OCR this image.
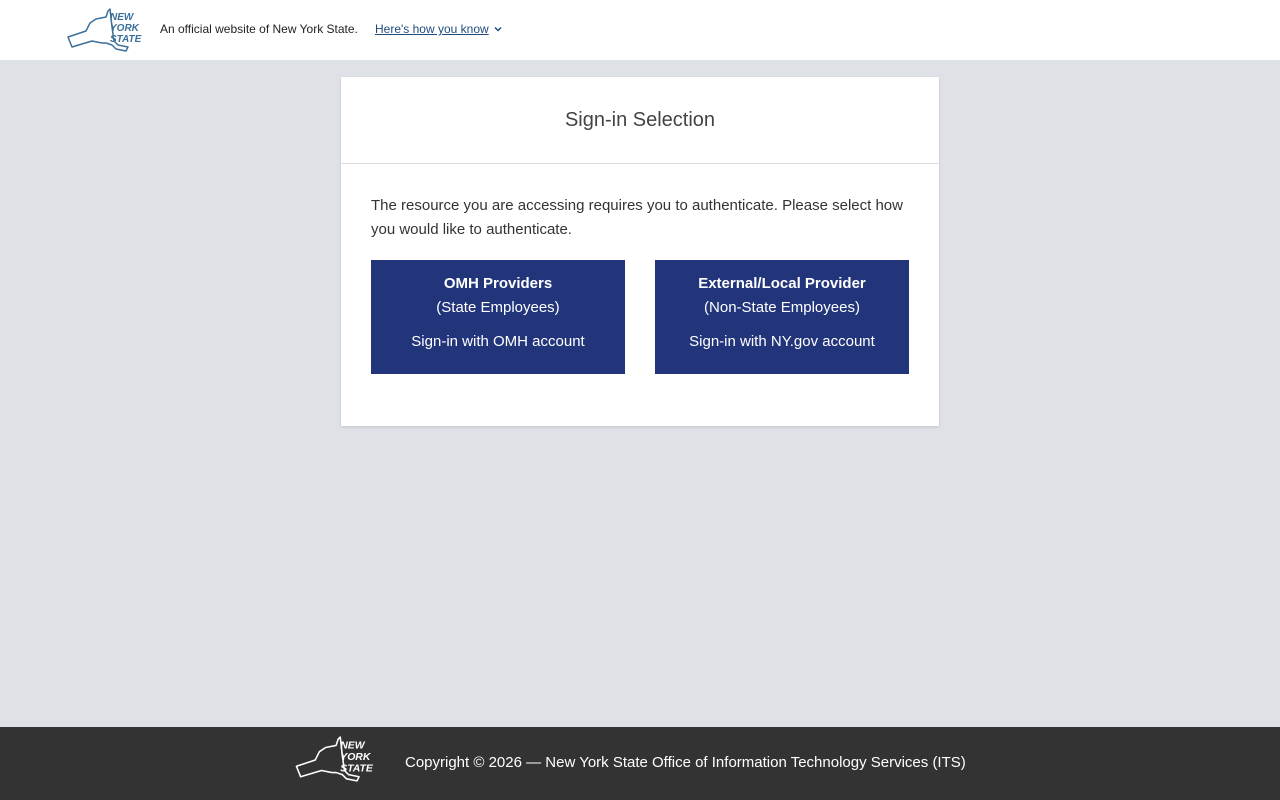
NEW
YORK
STATE
An official website of New York State. Here's how you know
Sign-in Selection

The resource you are accessing requires you to authenticate. Please select how you would like to authenticate.

OMH Providers
(State Employees)
Sign-in with OMH account
External/Local Provider
(Non-State Employees)
Sign-in with NY.gov account
NEW
YORK
STATE Copyright © 2026 — New York State Office of Information Technology Services (ITS)
